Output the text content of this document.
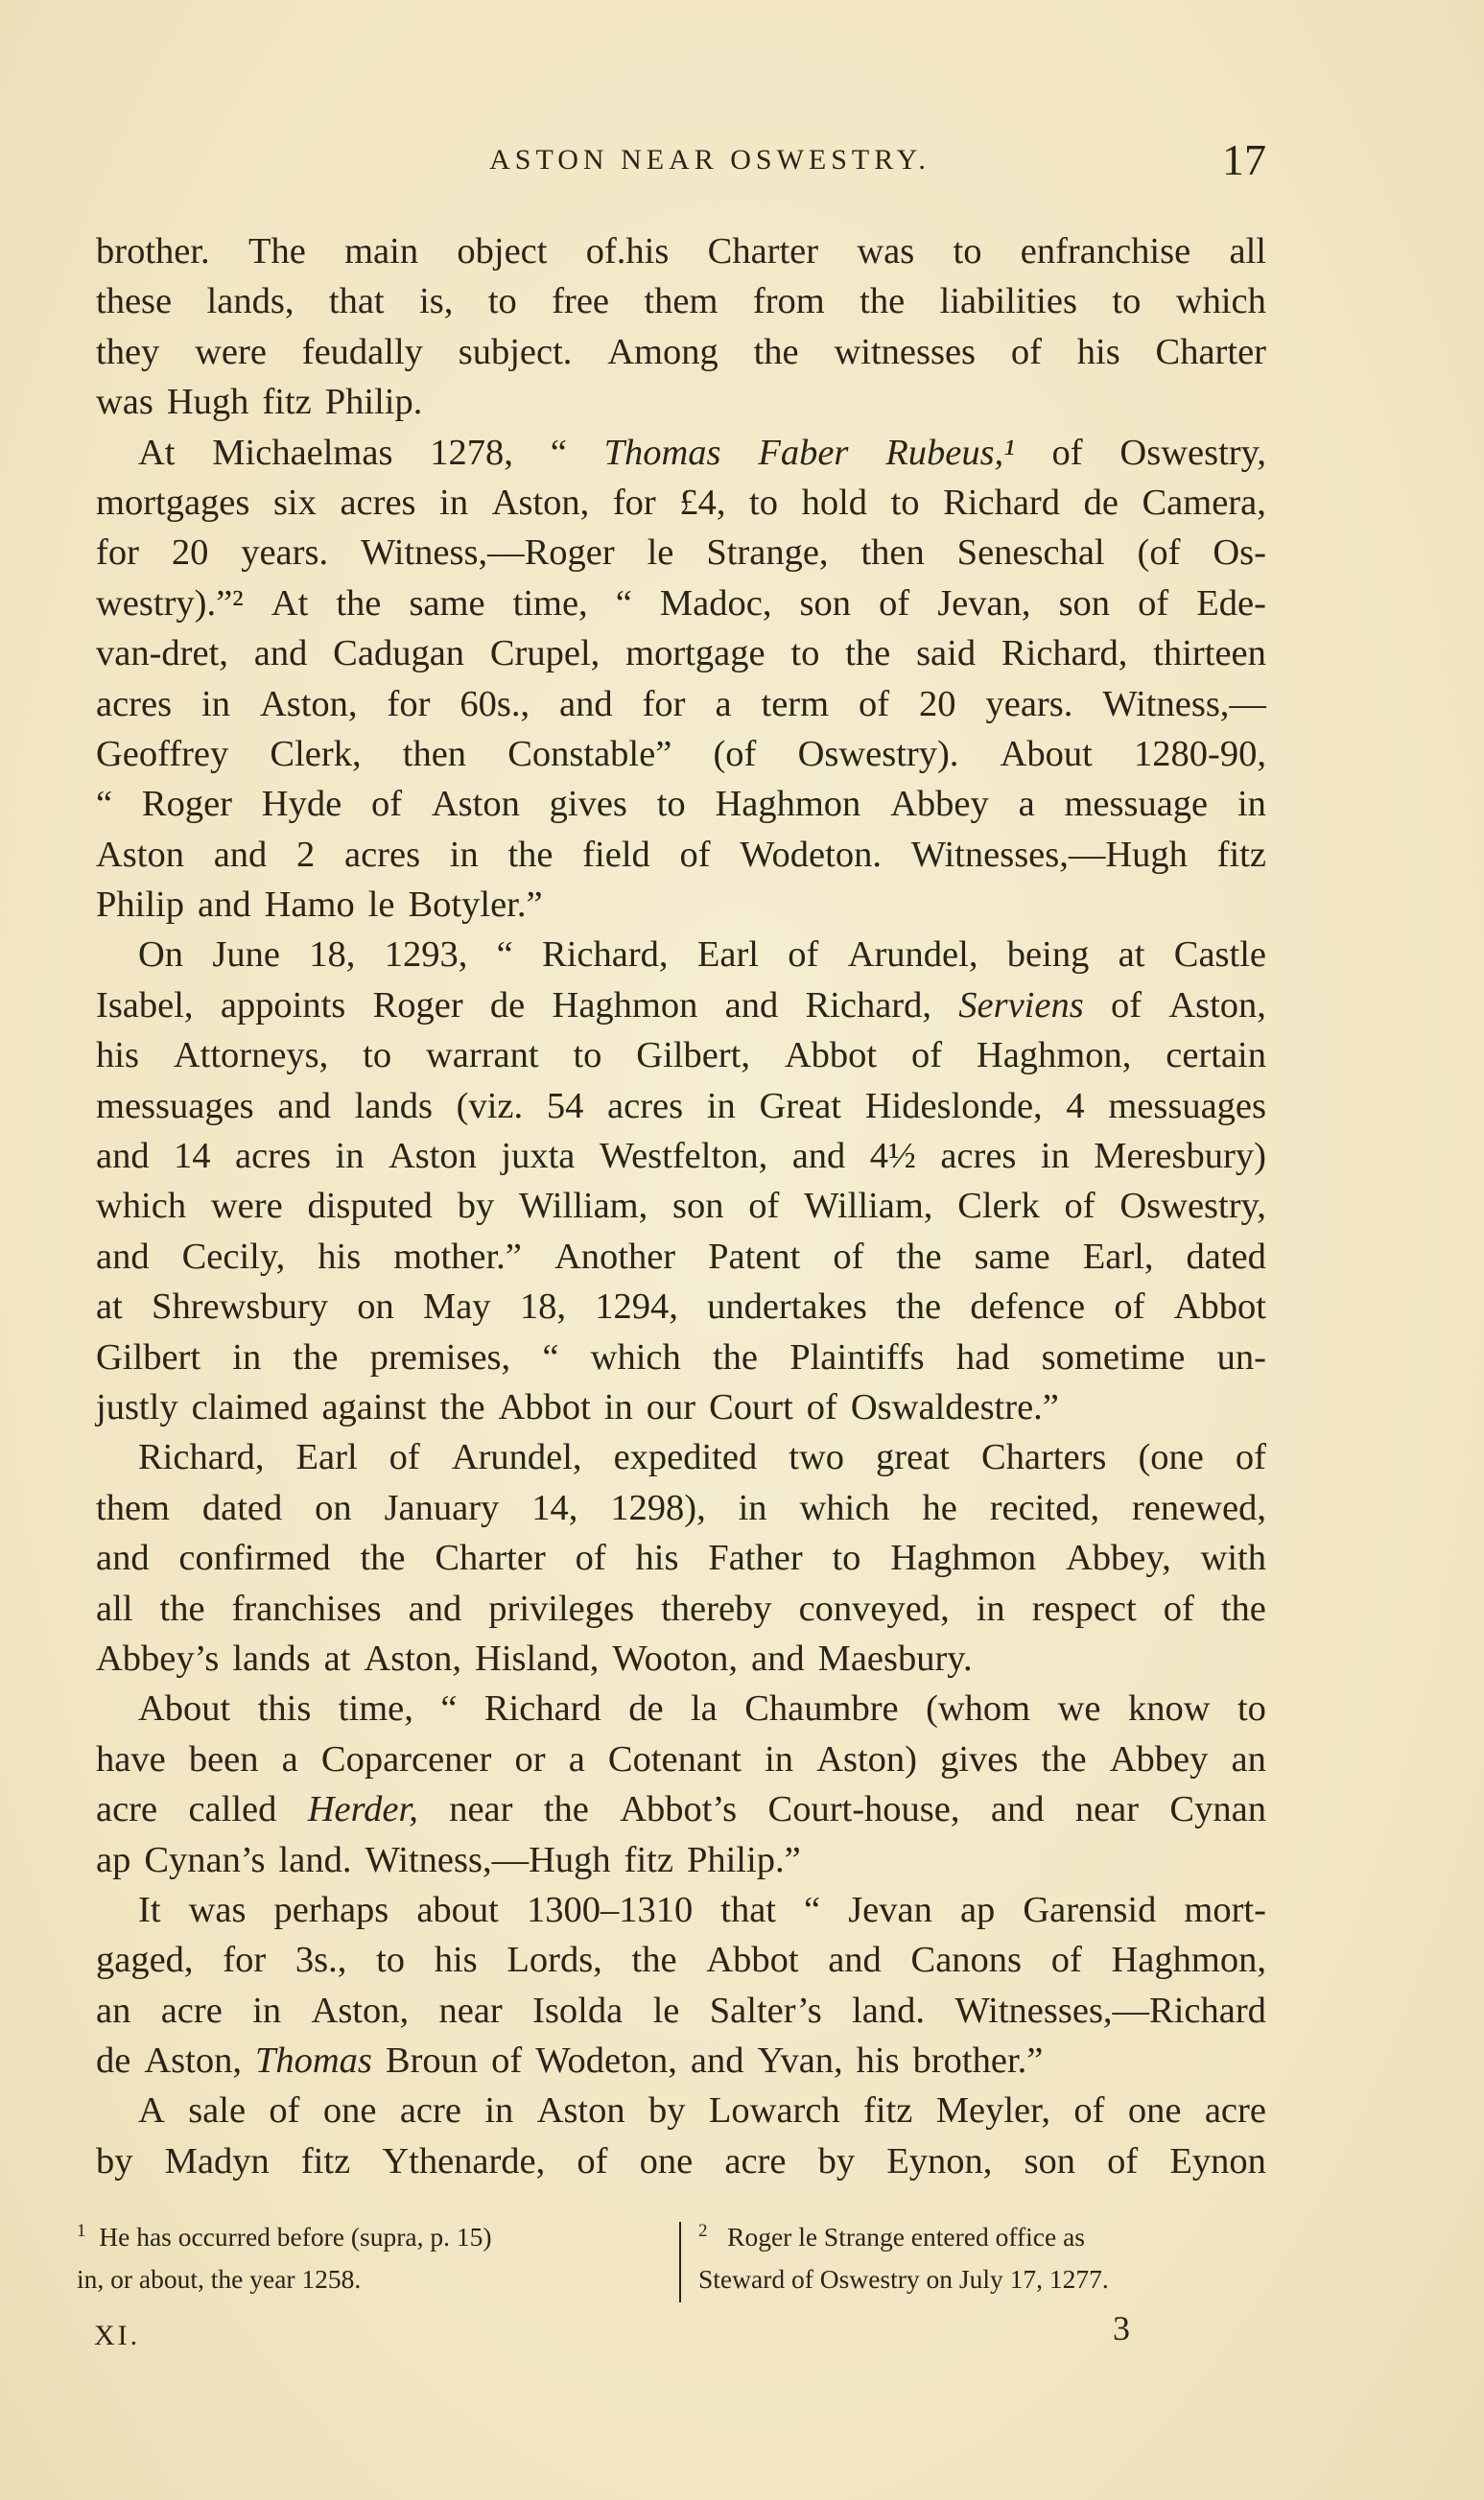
ASTON NEAR OSWESTRY.	17
brother. The main object of.his Charter was to enfranchise all
these lands, that is, to free them from the liabilities to which
they were feudally subject. Among the witnesses of his Charter
was Hugh fitz Philip.
At Michaelmas 1278, “ Thomas Faber Rubeus,¹ of Oswestry,
mortgages six acres in Aston, for £4, to hold to Richard de Camera,
for 20 years. Witness,—Roger le Strange, then Seneschal (of Os-
westry).”² At the same time, “ Madoc, son of Jevan, son of Ede-
van-dret, and Cadugan Crupel, mortgage to the said Richard, thirteen
acres in Aston, for 60s., and for a term of 20 years. Witness,—
Geoffrey Clerk, then Constable” (of Oswestry). About 1280-90,
“ Roger Hyde of Aston gives to Haghmon Abbey a messuage in
Aston and 2 acres in the field of Wodeton. Witnesses,—Hugh fitz
Philip and Hamo le Botyler.”
On June 18, 1293, “ Richard, Earl of Arundel, being at Castle
Isabel, appoints Roger de Haghmon and Richard, Serviens of Aston,
his Attorneys, to warrant to Gilbert, Abbot of Haghmon, certain
messuages and lands (viz. 54 acres in Great Hideslonde, 4 messuages
and 14 acres in Aston juxta Westfelton, and 4½ acres in Meresbury)
which were disputed by William, son of William, Clerk of Oswestry,
and Cecily, his mother.” Another Patent of the same Earl, dated
at Shrewsbury on May 18, 1294, undertakes the defence of Abbot
Gilbert in the premises, “ which the Plaintiffs had sometime un-
justly claimed against the Abbot in our Court of Oswaldestre.”
Richard, Earl of Arundel, expedited two great Charters (one of
them dated on January 14, 1298), in which he recited, renewed,
and confirmed the Charter of his Father to Haghmon Abbey, with
all the franchises and privileges thereby conveyed, in respect of the
Abbey’s lands at Aston, Hisland, Wooton, and Maesbury.
About this time, “ Richard de la Chaumbre (whom we know to
have been a Coparcener or a Cotenant in Aston) gives the Abbey an
acre called Herder, near the Abbot’s Court-house, and near Cynan
ap Cynan’s land. Witness,—Hugh fitz Philip.”
It was perhaps about 1300–1310 that “ Jevan ap Garensid mort-
gaged, for 3s., to his Lords, the Abbot and Canons of Haghmon,
an acre in Aston, near Isolda le Salter’s land. Witnesses,—Richard
de Aston, Thomas Broun of Wodeton, and Yvan, his brother.”
A sale of one acre in Aston by Lowarch fitz Meyler, of one acre
by Madyn fitz Ythenarde, of one acre by Eynon, son of Eynon
$^1$ He has occurred before (supra, p. 15)
in, or about, the year 1258.
$^2$ Roger le Strange entered office as
Steward of Oswestry on July 17, 1277.
XI.	3
